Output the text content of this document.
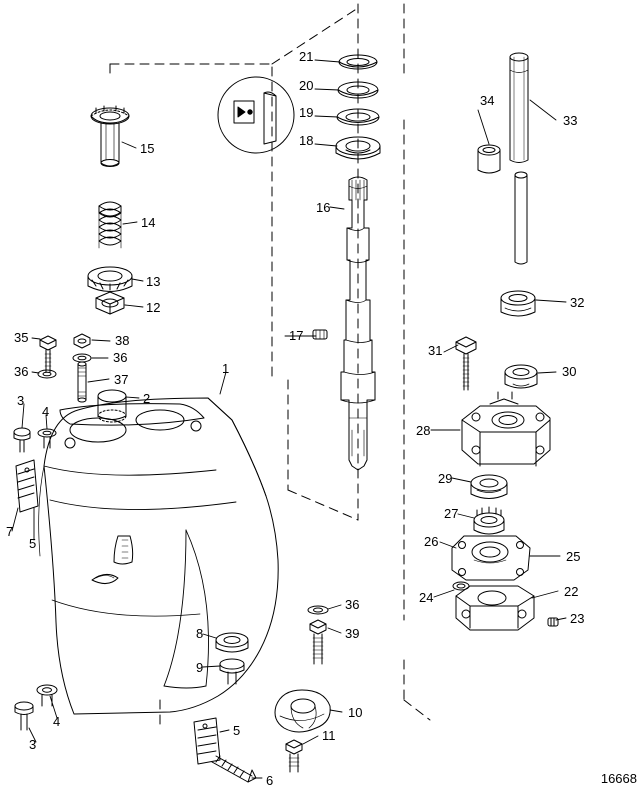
21
20
19
18
15
34
33
14
16
13
12	32
35	38
36
17
31
36
37
30
1
3
4
2
28
29
27
26
25
7
5
24	22
36
23
39
8
9
10
4
5
3
11
6	16668
